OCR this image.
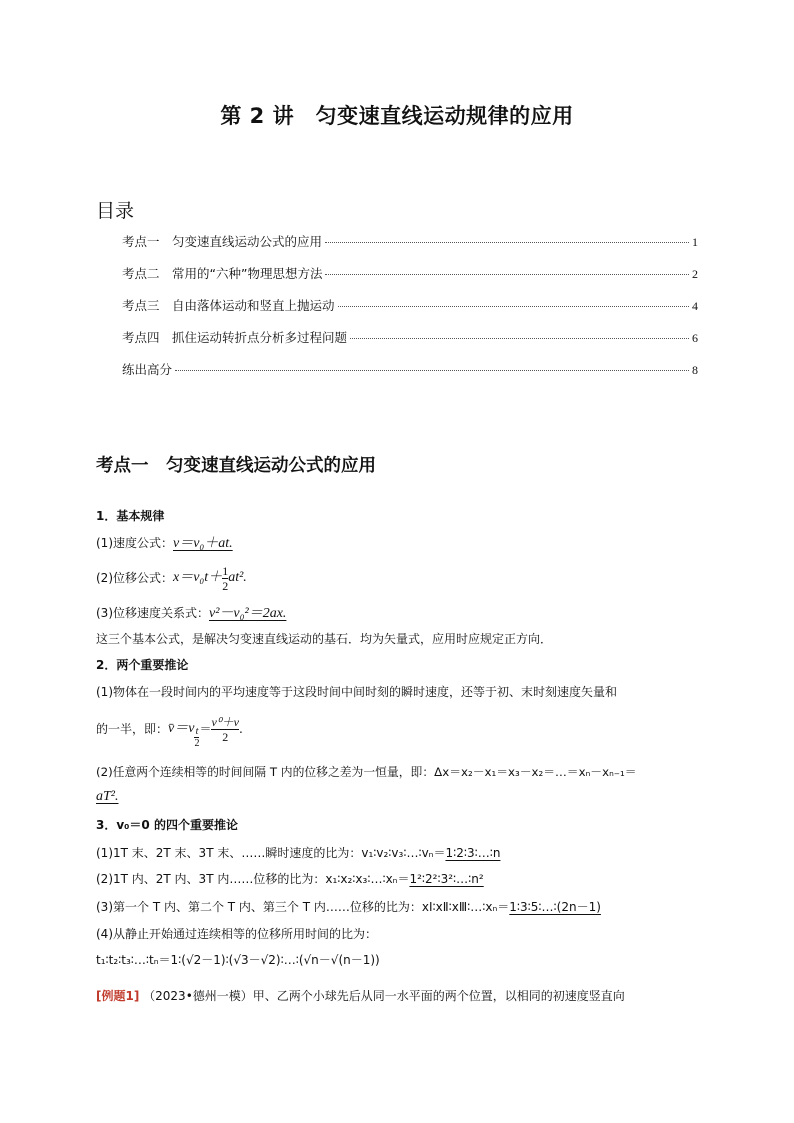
第 2 讲　匀变速直线运动规律的应用
目录
考点一　匀变速直线运动公式的应用	1
考点二　常用的“六种”物理思想方法	2
考点三　自由落体运动和竖直上抛运动	4
考点四　抓住运动转折点分析多过程问题	6
练出高分	8
考点一　匀变速直线运动公式的应用
1．基本规律
(1)速度公式：v＝v₀＋at.
(2)位移公式： $x=v_0t+ \frac{1}{2} at^2$.
(3)位移速度关系式：v²－v₀²＝2ax.
这三个基本公式，是解决匀变速直线运动的基石．均为矢量式，应用时应规定正方向．
2．两个重要推论
(1)物体在一段时间内的平均速度等于这段时间中间时刻的瞬时速度，还等于初、末时刻速度矢量和
的一半，即： v̄＝v $\frac{t}{2} = \frac{\text{v⁰＋v}}{2}$ .
(2)任意两个连续相等的时间间隔 T 内的位移之差为一恒量，即：Δx＝x₂－x₁＝x₃－x₂＝…＝xₙ－xₙ₋₁＝
aT².
3．v₀＝0 的四个重要推论
(1)1T 末、2T 末、3T 末、……瞬时速度的比为：v₁∶v₂∶v₃∶…∶vₙ＝1∶2∶3∶…∶n
(2)1T 内、2T 内、3T 内……位移的比为：x₁∶x₂∶x₃∶…∶xₙ＝1²∶2²∶3²∶…∶n²
(3)第一个 T 内、第二个 T 内、第三个 T 内……位移的比为：xⅠ∶xⅡ∶xⅢ∶…∶xₙ＝1∶3∶5∶…∶(2n－1)
(4)从静止开始通过连续相等的位移所用时间的比为：
t₁∶t₂∶t₃∶…∶tₙ＝1∶(√2－1)∶(√3－√2)∶…∶(√n－√(n－1))
[例题1] （2023•德州一模）甲、乙两个小球先后从同一水平面的两个位置，以相同的初速度竖直向
